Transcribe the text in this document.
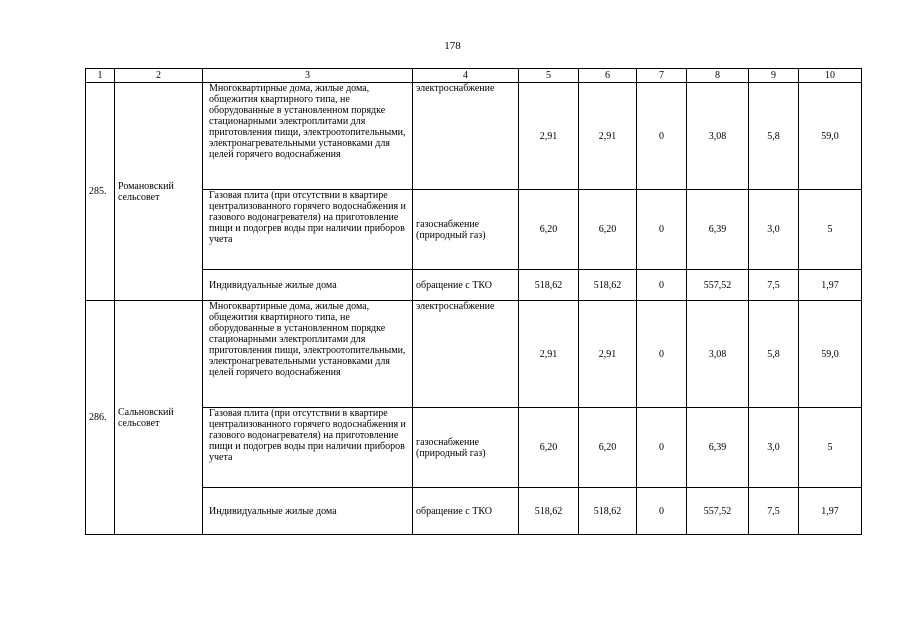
178
1	2	3	4	5	6	7	8	9	10
285.	Романовский сельсовет	Многоквартирные дома, жилые дома, общежития квартирного типа, не оборудованные в установленном порядке стационарными электроплитами для приготовления пищи, электроотопительными, электронагревательными установками для целей горячего водоснабжения	электроснабжение	2,91	2,91	0	3,08	5,8	59,0
		Газовая плита (при отсутствии в квартире централизованного горячего водоснабжения и газового водонагревателя) на приготовление пищи и подогрев воды при наличии приборов учета	газоснабжение (природный газ)	6,20	6,20	0	6,39	3,0	5
		Индивидуальные жилые дома	обращение с ТКО	518,62	518,62	0	557,52	7,5	1,97
286.	Сальновский сельсовет	Многоквартирные дома, жилые дома, общежития квартирного типа, не оборудованные в установленном порядке стационарными электроплитами для приготовления пищи, электроотопительными, электронагревательными установками для целей горячего водоснабжения	электроснабжение	2,91	2,91	0	3,08	5,8	59,0
		Газовая плита (при отсутствии в квартире централизованного горячего водоснабжения и газового водонагревателя) на приготовление пищи и подогрев воды при наличии приборов учета	газоснабжение (природный газ)	6,20	6,20	0	6,39	3,0	5
		Индивидуальные жилые дома	обращение с ТКО	518,62	518,62	0	557,52	7,5	1,97
